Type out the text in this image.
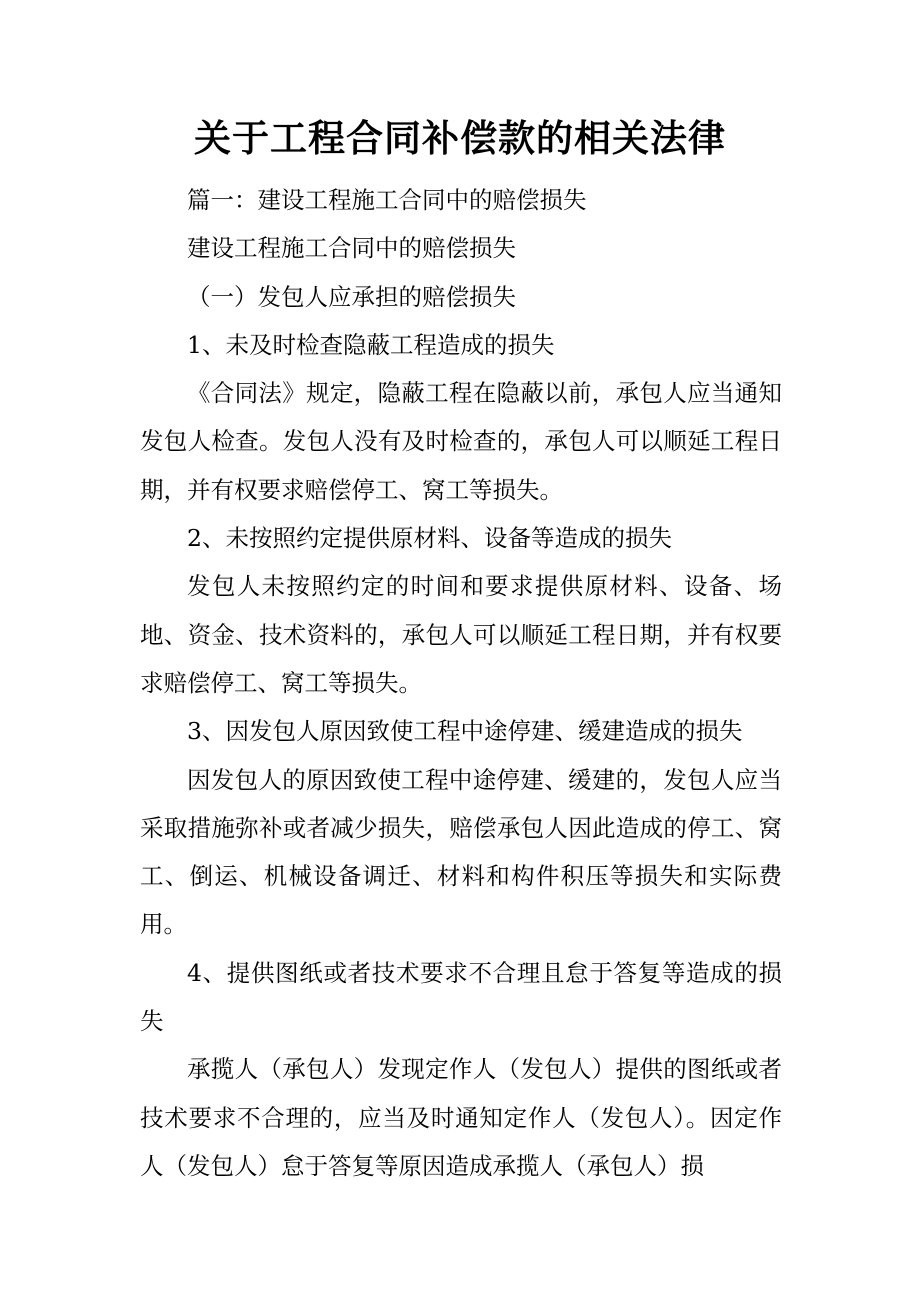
关于工程合同补偿款的相关法律

篇一：建设工程施工合同中的赔偿损失

建设工程施工合同中的赔偿损失

（一）发包人应承担的赔偿损失

1、未及时检查隐蔽工程造成的损失

《合同法》规定，隐蔽工程在隐蔽以前，承包人应当通知发包人检查。发包人没有及时检查的，承包人可以顺延工程日期，并有权要求赔偿停工、窝工等损失。

2、未按照约定提供原材料、设备等造成的损失

发包人未按照约定的时间和要求提供原材料、设备、场地、资金、技术资料的，承包人可以顺延工程日期，并有权要求赔偿停工、窝工等损失。

3、因发包人原因致使工程中途停建、缓建造成的损失

因发包人的原因致使工程中途停建、缓建的，发包人应当采取措施弥补或者减少损失，赔偿承包人因此造成的停工、窝工、倒运、机械设备调迁、材料和构件积压等损失和实际费用。

4、提供图纸或者技术要求不合理且怠于答复等造成的损失

承揽人（承包人）发现定作人（发包人）提供的图纸或者技术要求不合理的，应当及时通知定作人（发包人）。因定作人（发包人）怠于答复等原因造成承揽人（承包人）损
